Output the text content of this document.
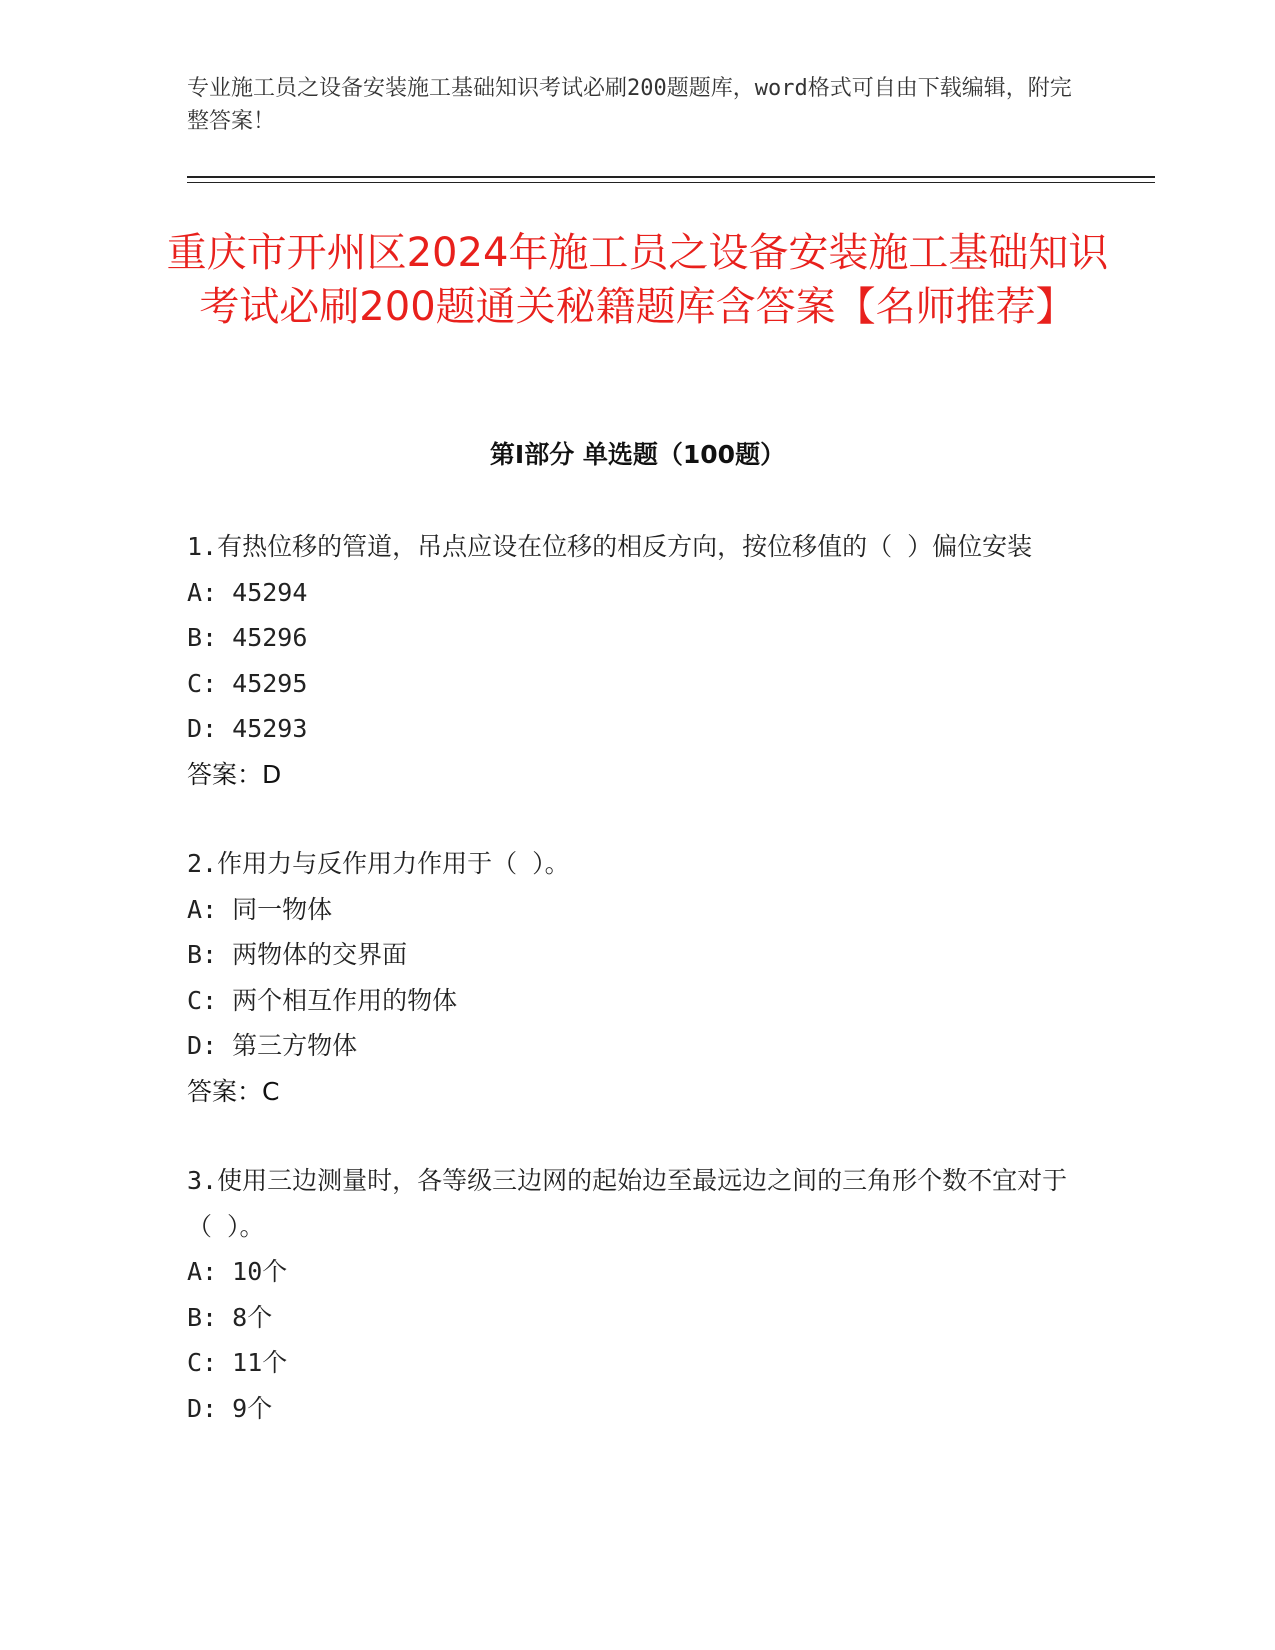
专业施工员之设备安装施工基础知识考试必刷200题题库，word格式可自由下载编辑，附完整答案！
重庆市开州区2024年施工员之设备安装施工基础知识考试必刷200题通关秘籍题库含答案【名师推荐】
第I部分 单选题（100题）
1.有热位移的管道，吊点应设在位移的相反方向，按位移值的（ ）偏位安装
A: 45294
B: 45296
C: 45295
D: 45293
答案：D
2.作用力与反作用力作用于（ ）。
A: 同一物体
B: 两物体的交界面
C: 两个相互作用的物体
D: 第三方物体
答案：C
3.使用三边测量时，各等级三边网的起始边至最远边之间的三角形个数不宜对于（ ）。
A: 10个
B: 8个
C: 11个
D: 9个
